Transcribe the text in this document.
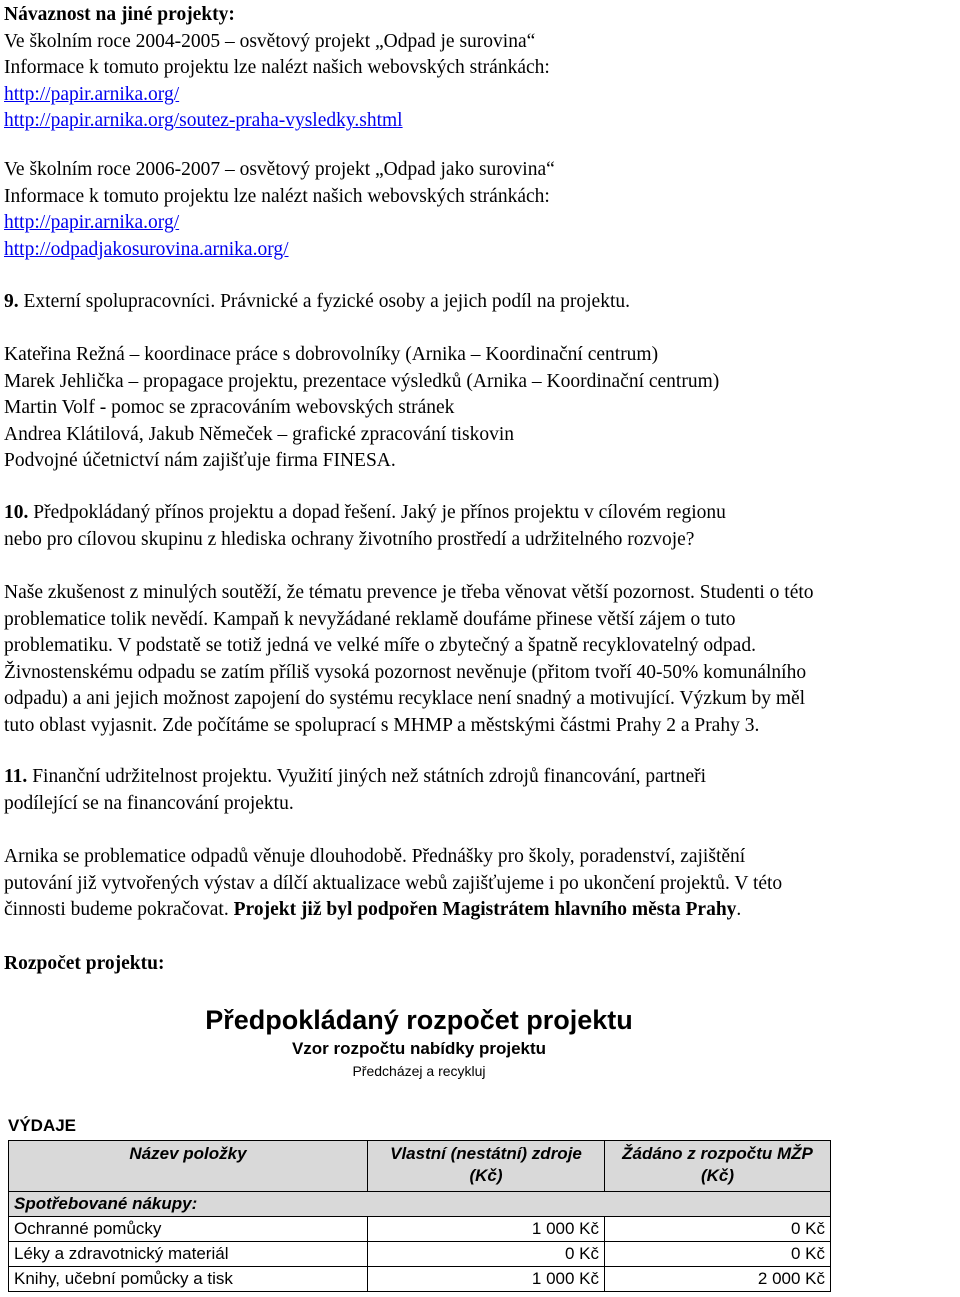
Návaznost na jiné projekty:

Ve školním roce 2004-2005 – osvětový projekt „Odpad je surovina“

Informace k tomuto projektu lze nalézt našich webovských stránkách:

http://papir.arnika.org/

http://papir.arnika.org/soutez-praha-vysledky.shtml

Ve školním roce 2006-2007 – osvětový projekt „Odpad jako surovina“

Informace k tomuto projektu lze nalézt našich webovských stránkách:

http://papir.arnika.org/

http://odpadjakosurovina.arnika.org/

9. Externí spolupracovníci. Právnické a fyzické osoby a jejich podíl na projektu.

Kateřina Režná – koordinace práce s dobrovolníky (Arnika – Koordinační centrum)

Marek Jehlička – propagace projektu, prezentace výsledků (Arnika – Koordinační centrum)

Martin Volf - pomoc se zpracováním webovských stránek

Andrea Klátilová, Jakub Němeček – grafické zpracování tiskovin

Podvojné účetnictví nám zajišťuje firma FINESA.

10. Předpokládaný přínos projektu a dopad řešení. Jaký je přínos projektu v cílovém regionu

nebo pro cílovou skupinu z hlediska ochrany životního prostředí a udržitelného rozvoje?

Naše zkušenost z minulých soutěží, že tématu prevence je třeba věnovat větší pozornost. Studenti o této

problematice tolik nevědí. Kampaň k nevyžádané reklamě doufáme přinese větší zájem o tuto

problematiku. V podstatě se totiž jedná ve velké míře o zbytečný a špatně recyklovatelný odpad.

Živnostenskému odpadu se zatím příliš vysoká pozornost nevěnuje (přitom tvoří 40-50% komunálního

odpadu) a ani jejich možnost zapojení do systému recyklace není snadný a motivující. Výzkum by měl

tuto oblast vyjasnit. Zde počítáme se spoluprací s MHMP a městskými částmi Prahy 2 a Prahy 3.

11. Finanční udržitelnost projektu. Využití jiných než státních zdrojů financování, partneři

podílející se na financování projektu.

Arnika se problematice odpadů věnuje dlouhodobě. Přednášky pro školy, poradenství, zajištění

putování již vytvořených výstav a dílčí aktualizace webů zajišťujeme i po ukončení projektů. V této

činnosti budeme pokračovat. Projekt již byl podpořen Magistrátem hlavního města Prahy.

Rozpočet projektu:
Předpokládaný rozpočet projektu
Vzor rozpočtu nabídky projektu
Předcházej a recykluj
VÝDAJE
Název položky	Vlastní (nestátní) zdroje (Kč)	Žádáno z rozpočtu MŽP (Kč)
Spotřebované nákupy:		
Ochranné pomůcky	1 000 Kč	0 Kč
Léky a zdravotnický materiál	0 Kč	0 Kč
Knihy, učební pomůcky a tisk	1 000 Kč	2 000 Kč
